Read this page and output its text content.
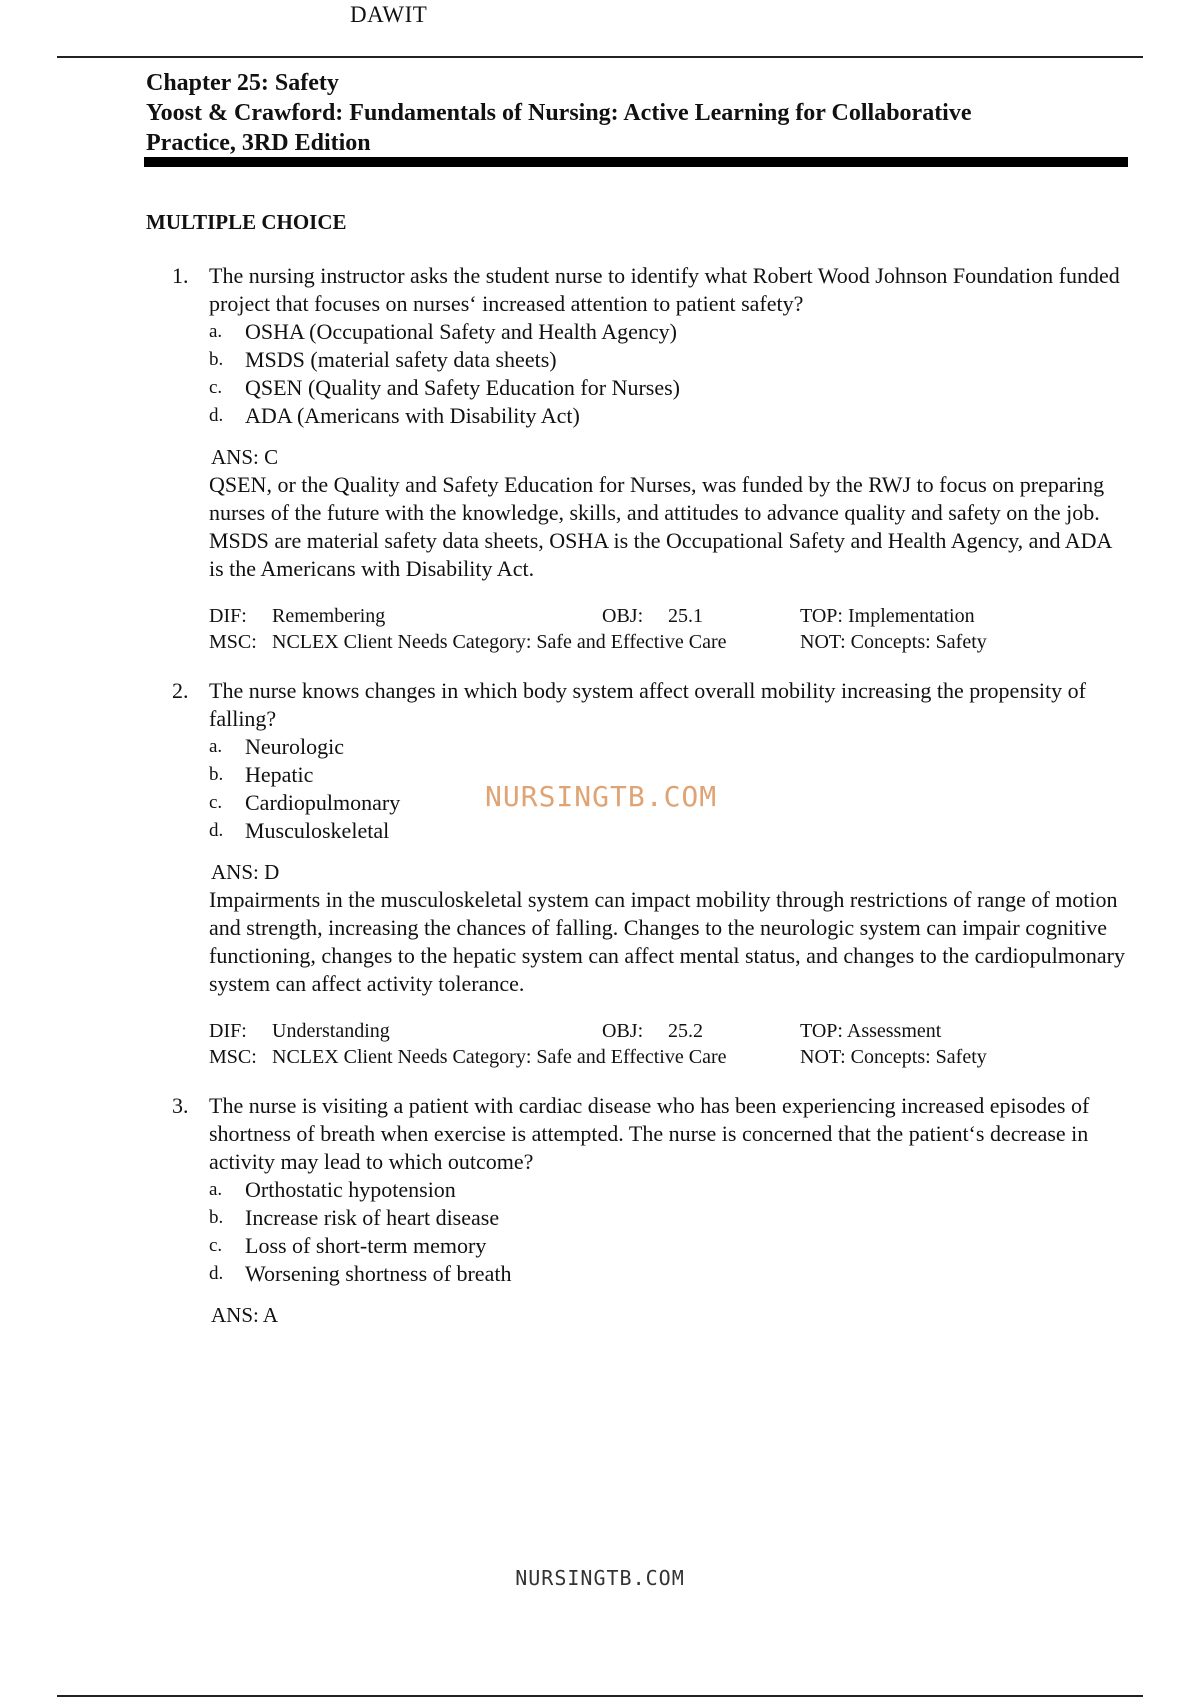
DAWIT
Chapter 25: Safety
Yoost & Crawford: Fundamentals of Nursing: Active Learning for Collaborative
Practice, 3RD Edition
MULTIPLE CHOICE
1. The nursing instructor asks the student nurse to identify what Robert Wood Johnson Foundation funded project that focuses on nurses‘ increased attention to patient safety?
a. OSHA (Occupational Safety and Health Agency)
b. MSDS (material safety data sheets)
c. QSEN (Quality and Safety Education for Nurses)
d. ADA (Americans with Disability Act)
ANS: C
QSEN, or the Quality and Safety Education for Nurses, was funded by the RWJ to focus on preparing nurses of the future with the knowledge, skills, and attitudes to advance quality and safety on the job. MSDS are material safety data sheets, OSHA is the Occupational Safety and Health Agency, and ADA is the Americans with Disability Act.
DIF: Remembering	OBJ: 25.1	TOP: Implementation
MSC: NCLEX Client Needs Category: Safe and Effective Care	NOT: Concepts: Safety
2. The nurse knows changes in which body system affect overall mobility increasing the propensity of falling?
a. Neurologic
b. Hepatic
c. Cardiopulmonary
d. Musculoskeletal
ANS: D
Impairments in the musculoskeletal system can impact mobility through restrictions of range of motion and strength, increasing the chances of falling. Changes to the neurologic system can impair cognitive functioning, changes to the hepatic system can affect mental status, and changes to the cardiopulmonary system can affect activity tolerance.
DIF: Understanding	OBJ: 25.2	TOP: Assessment
MSC: NCLEX Client Needs Category: Safe and Effective Care	NOT: Concepts: Safety
3. The nurse is visiting a patient with cardiac disease who has been experiencing increased episodes of shortness of breath when exercise is attempted. The nurse is concerned that the patient‘s decrease in activity may lead to which outcome?
a. Orthostatic hypotension
b. Increase risk of heart disease
c. Loss of short-term memory
d. Worsening shortness of breath
ANS: A
NURSINGTB.COM
NURSINGTB.COM
